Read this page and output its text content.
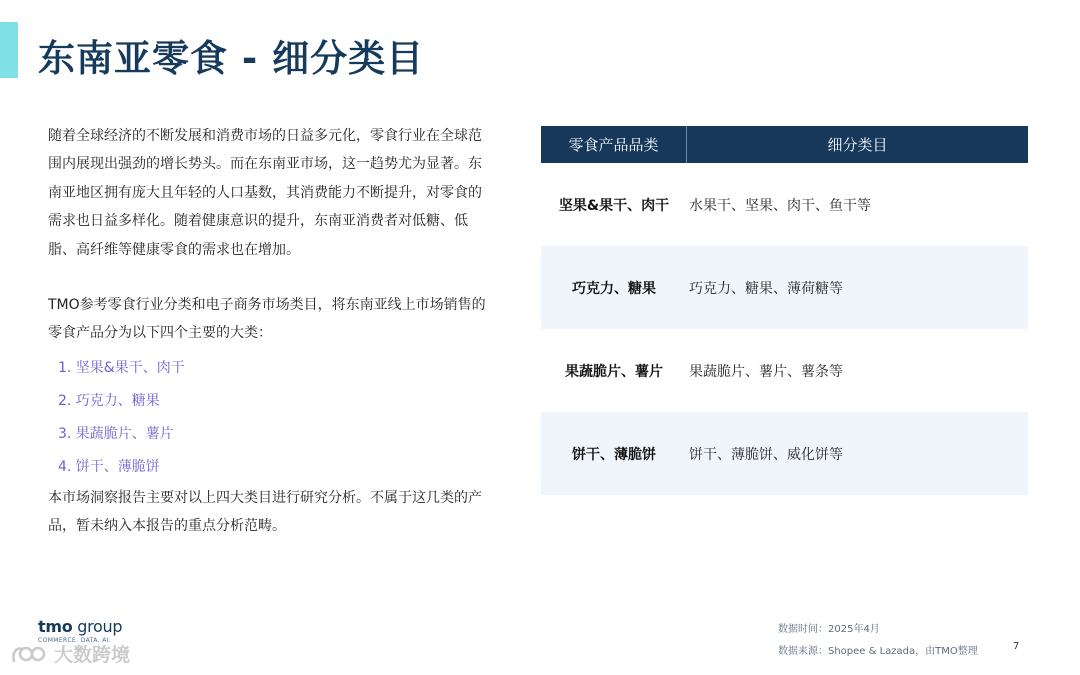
东南亚零食 - 细分类目

随着全球经济的不断发展和消费市场的日益多元化，零食行业在全球范围内展现出强劲的增长势头。而在东南亚市场，这一趋势尤为显著。东南亚地区拥有庞大且年轻的人口基数，其消费能力不断提升，对零食的需求也日益多样化。随着健康意识的提升，东南亚消费者对低糖、低脂、高纤维等健康零食的需求也在增加。

TMO参考零食行业分类和电子商务市场类目，将东南亚线上市场销售的零食产品分为以下四个主要的大类：

1. 坚果&果干、肉干
2. 巧克力、糖果
3. 果蔬脆片、薯片
4. 饼干、薄脆饼

本市场洞察报告主要对以上四大类目进行研究分析。不属于这几类的产品，暂未纳入本报告的重点分析范畴。

零食产品品类	细分类目
坚果&果干、肉干	水果干、坚果、肉干、鱼干等
巧克力、糖果	巧克力、糖果、薄荷糖等
果蔬脆片、薯片	果蔬脆片、薯片、薯条等
饼干、薄脆饼	饼干、薄脆饼、威化饼等
tmo group
COMMERCE. DATA. AI.
大数跨境
数据时间：2025年4月
数据来源：Shopee & Lazada，由TMO整理	7
